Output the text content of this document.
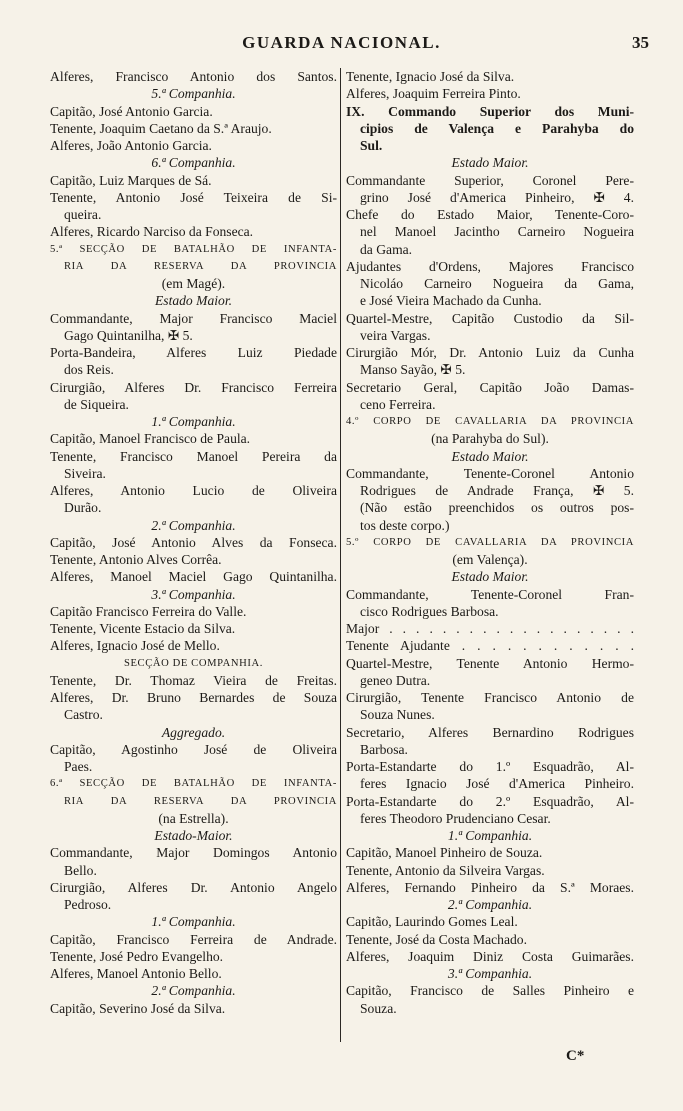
GUARDA NACIONAL.	35
Alferes, Francisco Antonio dos Santos.
5.ª Companhia.
Capitão, José Antonio Garcia.
Tenente, Joaquim Caetano da S.ª Araujo.
Alferes, João Antonio Garcia.
6.ª Companhia.
Capitão, Luiz Marques de Sá.
Tenente, Antonio José Teixeira de Si-
queira.
Alferes, Ricardo Narciso da Fonseca.
5.ª SECÇÃO DE BATALHÃO DE INFANTA-
RIA DA RESERVA DA PROVINCIA
(em Magé).
Estado Maior.
Commandante, Major Francisco Maciel
Gago Quintanilha, ✠ 5.
Porta-Bandeira, Alferes Luiz Piedade
dos Reis.
Cirurgião, Alferes Dr. Francisco Ferreira
de Siqueira.
1.ª Companhia.
Capitão, Manoel Francisco de Paula.
Tenente, Francisco Manoel Pereira da
Siveira.
Alferes, Antonio Lucio de Oliveira
Durão.
2.ª Companhia.
Capitão, José Antonio Alves da Fonseca.
Tenente, Antonio Alves Corrêa.
Alferes, Manoel Maciel Gago Quintanilha.
3.ª Companhia.
Capitão Francisco Ferreira do Valle.
Tenente, Vicente Estacio da Silva.
Alferes, Ignacio José de Mello.
SECÇÃO DE COMPANHIA.
Tenente, Dr. Thomaz Vieira de Freitas.
Alferes, Dr. Bruno Bernardes de Souza
Castro.
Aggregado.
Capitão, Agostinho José de Oliveira
Paes.
6.ª SECÇÃO DE BATALHÃO DE INFANTA-
RIA DA RESERVA DA PROVINCIA
(na Estrella).
Estado-Maior.
Commandante, Major Domingos Antonio
Bello.
Cirurgião, Alferes Dr. Antonio Angelo
Pedroso.
1.ª Companhia.
Capitão, Francisco Ferreira de Andrade.
Tenente, José Pedro Evangelho.
Alferes, Manoel Antonio Bello.
2.ª Companhia.
Capitão, Severino José da Silva.
Tenente, Ignacio José da Silva.
Alferes, Joaquim Ferreira Pinto.
IX. Commando Superior dos Muni-
cipios de Valença e Parahyba do
Sul.
Estado Maior.
Commandante Superior, Coronel Pere-
grino José d'America Pinheiro, ✠ 4.
Chefe do Estado Maior, Tenente-Coro-
nel Manoel Jacintho Carneiro Nogueira
da Gama.
Ajudantes d'Ordens, Majores Francisco
Nicoláo Carneiro Nogueira da Gama,
e José Vieira Machado da Cunha.
Quartel-Mestre, Capitão Custodio da Sil-
veira Vargas.
Cirurgião Mór, Dr. Antonio Luiz da Cunha
Manso Sayão, ✠ 5.
Secretario Geral, Capitão João Damas-
ceno Ferreira.
4.º CORPO DE CAVALLARIA DA PROVINCIA
(na Parahyba do Sul).
Estado Maior.
Commandante, Tenente-Coronel Antonio
Rodrigues de Andrade França, ✠ 5.
(Não estão preenchidos os outros pos-
tos deste corpo.)
5.º CORPO DE CAVALLARIA DA PROVINCIA
(em Valença).
Estado Maior.
Commandante, Tenente-Coronel Fran-
cisco Rodrigues Barbosa.
Major . . . . . . . . . . . . . . . . . . .
Tenente Ajudante . . . . . . . . . . . .
Quartel-Mestre, Tenente Antonio Hermo-
geneo Dutra.
Cirurgião, Tenente Francisco Antonio de
Souza Nunes.
Secretario, Alferes Bernardino Rodrigues
Barbosa.
Porta-Estandarte do 1.º Esquadrão, Al-
feres Ignacio José d'America Pinheiro.
Porta-Estandarte do 2.º Esquadrão, Al-
feres Theodoro Prudenciano Cesar.
1.ª Companhia.
Capitão, Manoel Pinheiro de Souza.
Tenente, Antonio da Silveira Vargas.
Alferes, Fernando Pinheiro da S.ª Moraes.
2.ª Companhia.
Capitão, Laurindo Gomes Leal.
Tenente, José da Costa Machado.
Alferes, Joaquim Diniz Costa Guimarães.
3.ª Companhia.
Capitão, Francisco de Salles Pinheiro e
Souza.
C*
